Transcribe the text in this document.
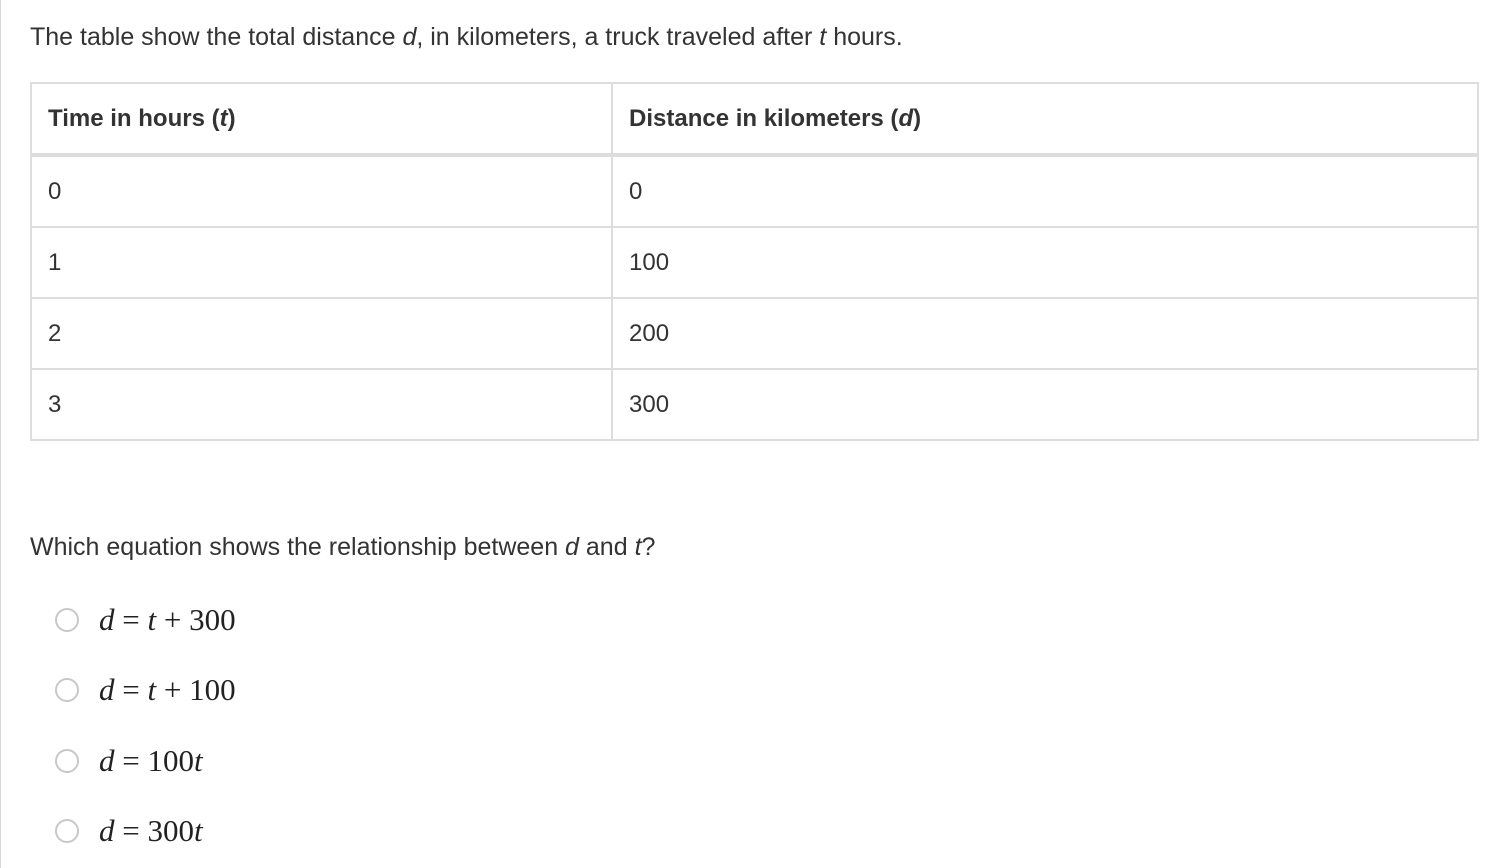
The table show the total distance d, in kilometers, a truck traveled after t hours.

Time in hours (t)	Distance in kilometers (d)
0	0
1	100
2	200
3	300

Which equation shows the relationship between d and t?

d = t + 300
d = t + 100
d = 100t
d = 300t
